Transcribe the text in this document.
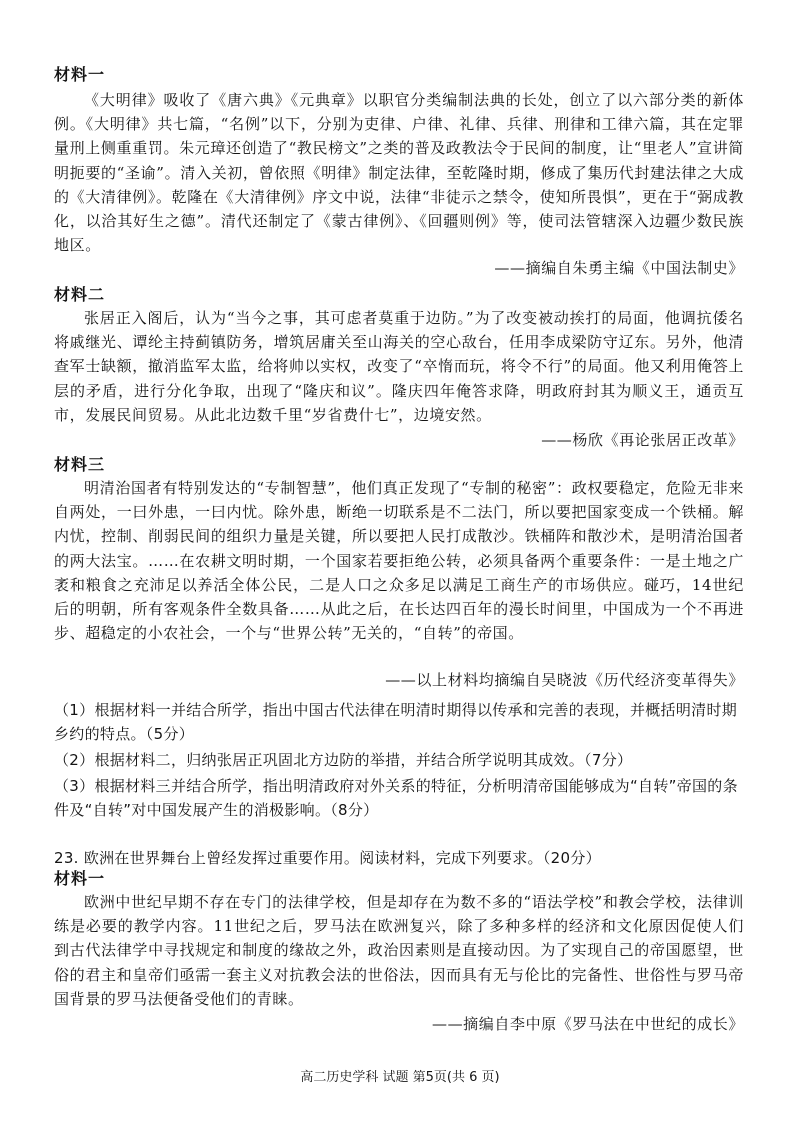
材料一
《大明律》吸收了《唐六典》《元典章》以职官分类编制法典的长处，创立了以六部分类的新体例。《大明律》共七篇，“名例”以下，分别为吏律、户律、礼律、兵律、刑律和工律六篇，其在定罪量刑上侧重重罚。朱元璋还创造了“教民榜文”之类的普及政教法令于民间的制度，让“里老人”宣讲简明扼要的“圣谕”。清入关初，曾依照《明律》制定法律，至乾隆时期，修成了集历代封建法律之大成的《大清律例》。乾隆在《大清律例》序文中说，法律“非徒示之禁令，使知所畏惧”，更在于“弼成教化，以洽其好生之德”。清代还制定了《蒙古律例》、《回疆则例》等，使司法管辖深入边疆少数民族地区。
——摘编自朱勇主编《中国法制史》
材料二
张居正入阁后，认为“当今之事，其可虑者莫重于边防。”为了改变被动挨打的局面，他调抗倭名将戚继光、谭纶主持蓟镇防务，增筑居庸关至山海关的空心敌台，任用李成梁防守辽东。另外，他清查军士缺额，撤消监军太监，给将帅以实权，改变了“卒惰而玩，将令不行”的局面。他又利用俺答上层的矛盾，进行分化争取，出现了“隆庆和议”。隆庆四年俺答求降，明政府封其为顺义王，通贡互市，发展民间贸易。从此北边数千里“岁省费什七”，边境安然。
——杨欣《再论张居正改革》
材料三
明清治国者有特别发达的“专制智慧”，他们真正发现了“专制的秘密”：政权要稳定，危险无非来自两处，一曰外患，一曰内忧。除外患，断绝一切联系是不二法门，所以要把国家变成一个铁桶。解内忧，控制、削弱民间的组织力量是关键，所以要把人民打成散沙。铁桶阵和散沙术，是明清治国者的两大法宝。……在农耕文明时期，一个国家若要拒绝公转，必须具备两个重要条件：一是土地之广袤和粮食之充沛足以养活全体公民，二是人口之众多足以满足工商生产的市场供应。碰巧，14世纪后的明朝，所有客观条件全数具备……从此之后，在长达四百年的漫长时间里，中国成为一个不再进步、超稳定的小农社会，一个与“世界公转”无关的，“自转”的帝国。
——以上材料均摘编自吴晓波《历代经济变革得失》
（1）根据材料一并结合所学，指出中国古代法律在明清时期得以传承和完善的表现，并概括明清时期乡约的特点。（5分）
（2）根据材料二，归纳张居正巩固北方边防的举措，并结合所学说明其成效。（7分）
（3）根据材料三并结合所学，指出明清政府对外关系的特征，分析明清帝国能够成为“自转”帝国的条件及“自转”对中国发展产生的消极影响。（8分）
23. 欧洲在世界舞台上曾经发挥过重要作用。阅读材料，完成下列要求。（20分）
材料一
欧洲中世纪早期不存在专门的法律学校，但是却存在为数不多的“语法学校”和教会学校，法律训练是必要的教学内容。11世纪之后，罗马法在欧洲复兴，除了多种多样的经济和文化原因促使人们到古代法律学中寻找规定和制度的缘故之外，政治因素则是直接动因。为了实现自己的帝国愿望，世俗的君主和皇帝们亟需一套主义对抗教会法的世俗法，因而具有无与伦比的完备性、世俗性与罗马帝国背景的罗马法便备受他们的青睐。
——摘编自李中原《罗马法在中世纪的成长》
高二历史学科 试题 第5页(共 6 页)
